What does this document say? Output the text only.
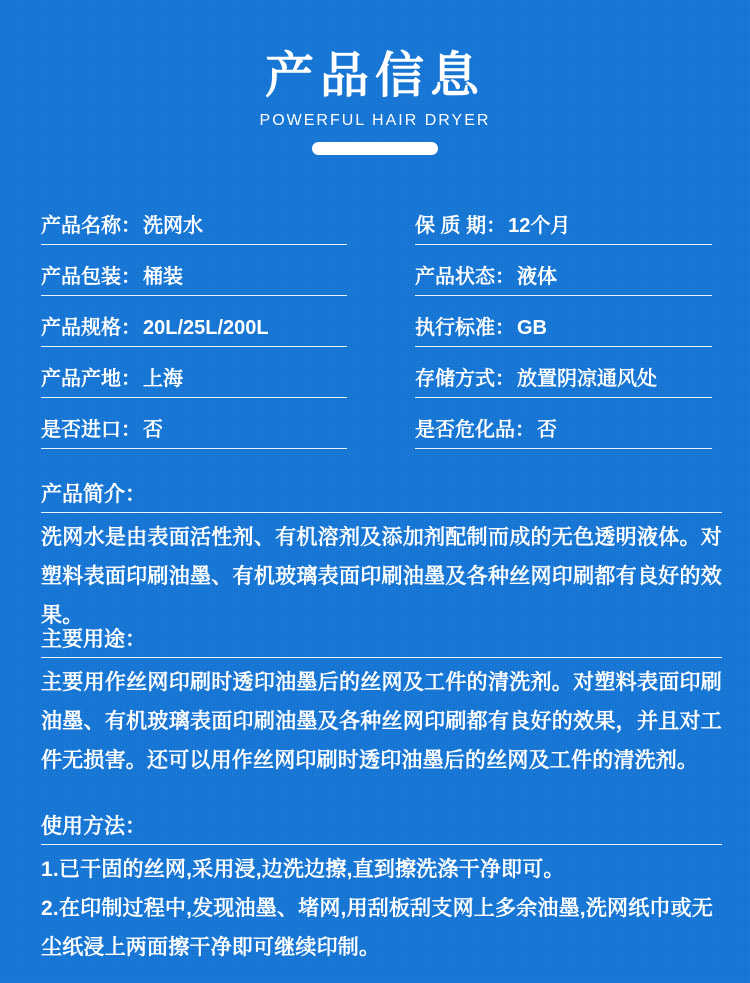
产品信息
POWERFUL HAIR DRYER
产品名称： 洗网水
产品包装： 桶装
产品规格： 20L/25L/200L
产品产地： 上海
是否进口： 否
保 质 期： 12个月
产品状态： 液体
执行标准： GB
存储方式： 放置阴凉通风处
是否危化品： 否
产品简介：

洗网水是由表面活性剂、有机溶剂及添加剂配制而成的无色透明液体。对塑料表面印刷油墨、有机玻璃表面印刷油墨及各种丝网印刷都有良好的效果。

主要用途：

主要用作丝网印刷时透印油墨后的丝网及工件的清洗剂。对塑料表面印刷油墨、有机玻璃表面印刷油墨及各种丝网印刷都有良好的效果，并且对工件无损害。还可以用作丝网印刷时透印油墨后的丝网及工件的清洗剂。

使用方法：

1.已干固的丝网,采用浸,边洗边擦,直到擦洗涤干净即可。

2.在印制过程中,发现油墨、堵网,用刮板刮支网上多余油墨,洗网纸巾或无尘纸浸上两面擦干净即可继续印制。
